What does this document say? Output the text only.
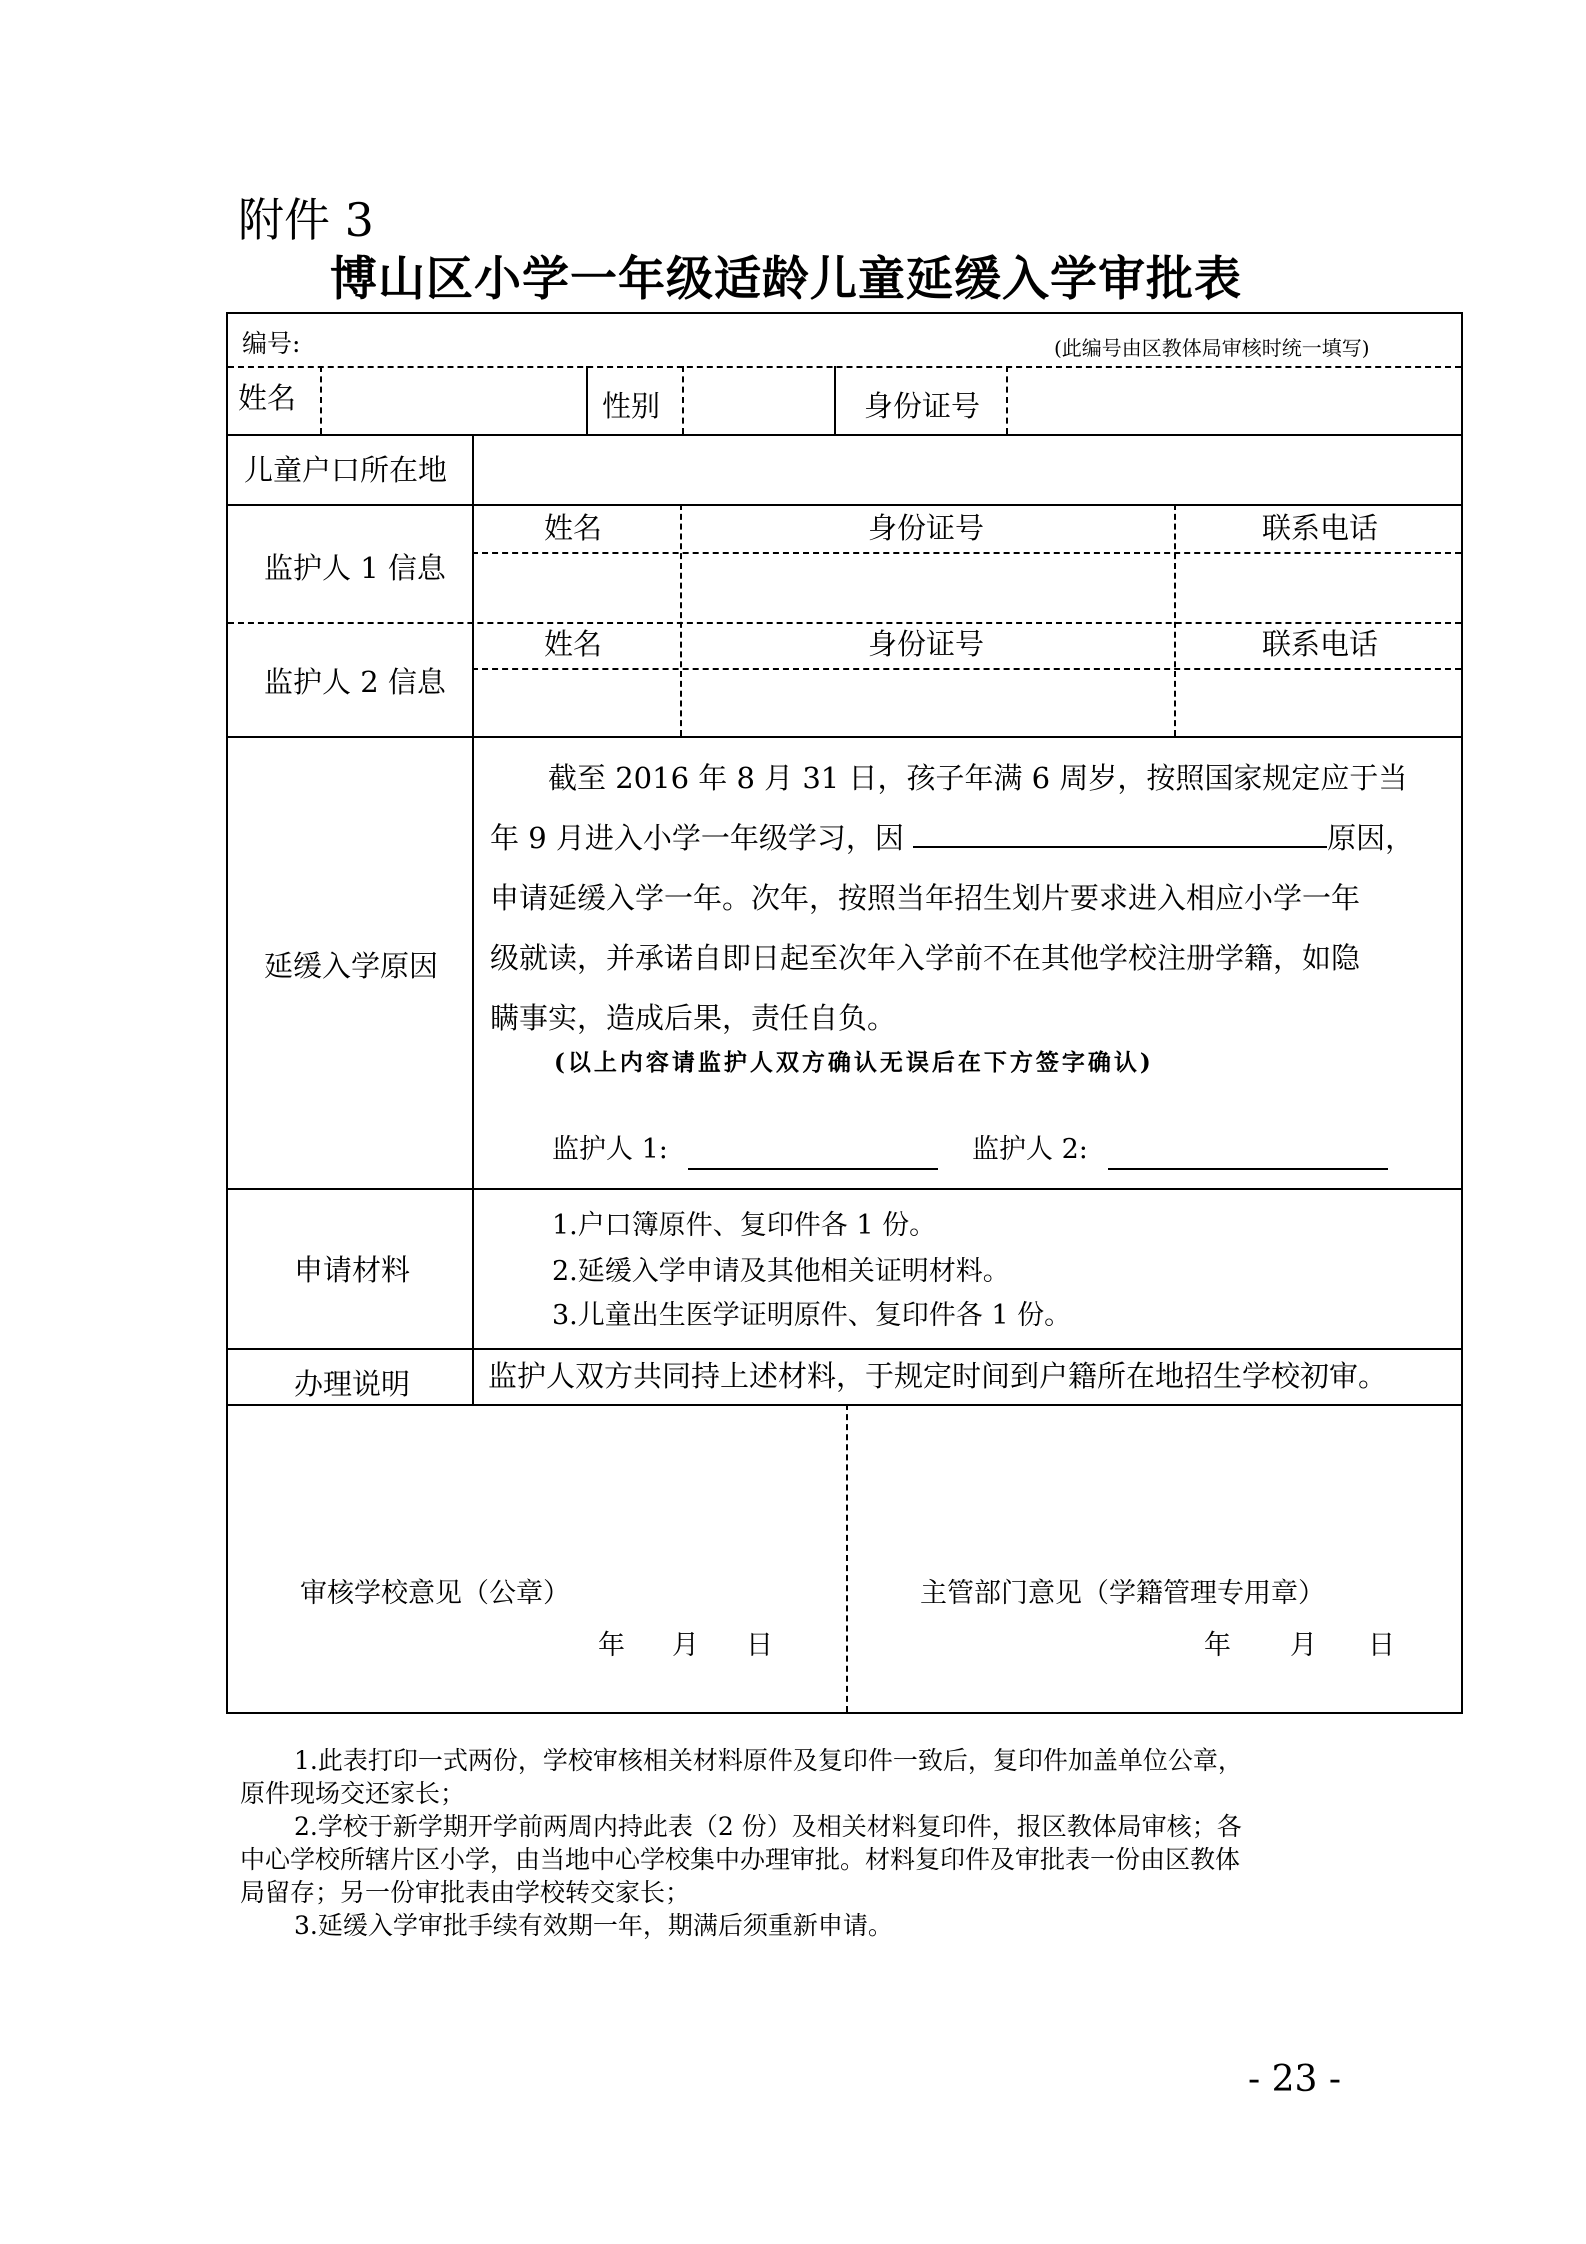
附件 3
博山区小学一年级适龄儿童延缓入学审批表
编号:	(此编号由区教体局审核时统一填写)
姓名	性别	身份证号
儿童户口所在地
监护人 1 信息
姓名	身份证号	联系电话
监护人 2 信息
姓名	身份证号	联系电话
延缓入学原因
截至 2016 年 8 月 31 日，孩子年满 6 周岁，按照国家规定应于当
年 9 月进入小学一年级学习，因	原因，
申请延缓入学一年。次年，按照当年招生划片要求进入相应小学一年
级就读，并承诺自即日起至次年入学前不在其他学校注册学籍，如隐
瞒事实，造成后果，责任自负。
(以上内容请监护人双方确认无误后在下方签字确认)
监护人 1:	监护人 2:
申请材料
1.户口簿原件、复印件各 1 份。
2.延缓入学申请及其他相关证明材料。
3.儿童出生医学证明原件、复印件各 1 份。
办理说明	监护人双方共同持上述材料，于规定时间到户籍所在地招生学校初审。
审核学校意见（公章）
年 月 日
主管部门意见（学籍管理专用章）
年 月 日
1.此表打印一式两份，学校审核相关材料原件及复印件一致后，复印件加盖单位公章，
原件现场交还家长；
2.学校于新学期开学前两周内持此表（2 份）及相关材料复印件，报区教体局审核；各
中心学校所辖片区小学，由当地中心学校集中办理审批。材料复印件及审批表一份由区教体
局留存；另一份审批表由学校转交家长；
3.延缓入学审批手续有效期一年，期满后须重新申请。
- 23 -
